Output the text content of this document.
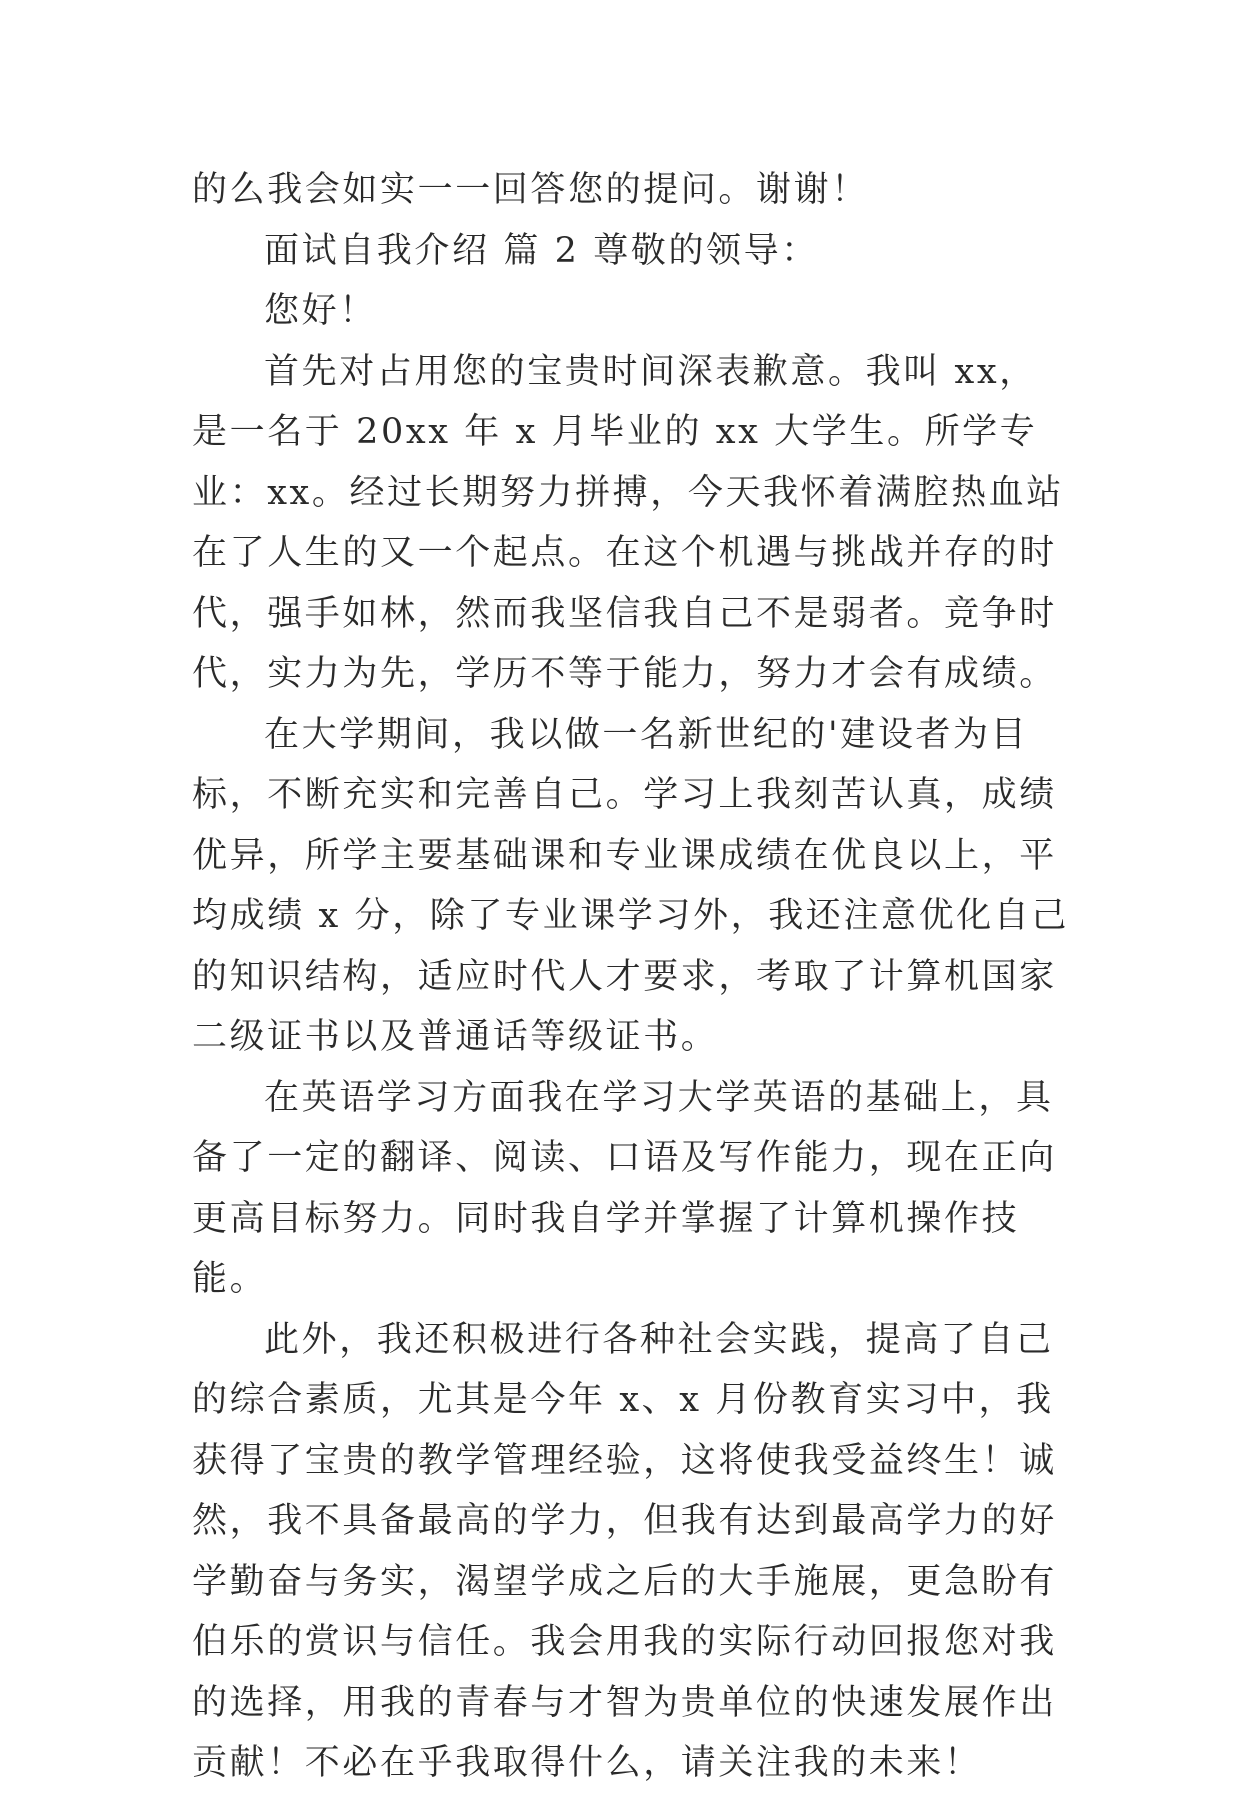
的么我会如实一一回答您的提问。谢谢！

面试自我介绍 篇 2 尊敬的领导：

您好！

首先对占用您的宝贵时间深表歉意。我叫 xx，是一名于 20xx 年 x 月毕业的 xx 大学生。所学专业：xx。经过长期努力拼搏，今天我怀着满腔热血站在了人生的又一个起点。在这个机遇与挑战并存的时代，强手如林，然而我坚信我自己不是弱者。竞争时代，实力为先，学历不等于能力，努力才会有成绩。

在大学期间，我以做一名新世纪的'建设者为目标，不断充实和完善自己。学习上我刻苦认真，成绩优异，所学主要基础课和专业课成绩在优良以上，平均成绩 x 分，除了专业课学习外，我还注意优化自己的知识结构，适应时代人才要求，考取了计算机国家二级证书以及普通话等级证书。

在英语学习方面我在学习大学英语的基础上，具备了一定的翻译、阅读、口语及写作能力，现在正向更高目标努力。同时我自学并掌握了计算机操作技能。

此外，我还积极进行各种社会实践，提高了自己的综合素质，尤其是今年 x、x 月份教育实习中，我获得了宝贵的教学管理经验，这将使我受益终生！诚然，我不具备最高的学力，但我有达到最高学力的好学勤奋与务实，渴望学成之后的大手施展，更急盼有伯乐的赏识与信任。我会用我的实际行动回报您对我的选择，用我的青春与才智为贵单位的快速发展作出贡献！不必在乎我取得什么，请关注我的未来！
